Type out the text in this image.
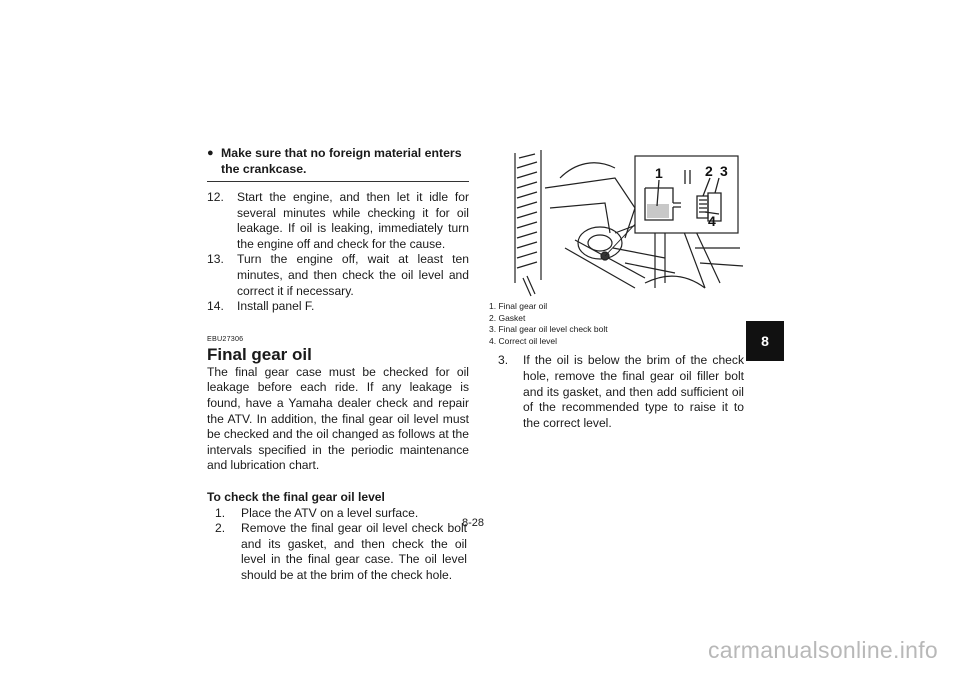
● Make sure that no foreign material enters the crankcase.
12. Start the engine, and then let it idle for several minutes while checking it for oil leakage. If oil is leaking, immediately turn the engine off and check for the cause.
13. Turn the engine off, wait at least ten minutes, and then check the oil level and correct it if necessary.
14. Install panel F.
EBU27306
Final gear oil
The final gear case must be checked for oil leakage before each ride. If any leakage is found, have a Yamaha dealer check and repair the ATV. In addition, the final gear oil level must be checked and the oil changed as follows at the intervals specified in the periodic maintenance and lubrication chart.
To check the final gear oil level
1. Place the ATV on a level surface.
2. Remove the final gear oil level check bolt and its gasket, and then check the oil level in the final gear case. The oil level should be at the brim of the check hole.
1	2 3
4
1. Final gear oil
2. Gasket
3. Final gear oil level check bolt
4. Correct oil level
3. If the oil is below the brim of the check hole, remove the final gear oil filler bolt and its gasket, and then add sufficient oil of the recommended type to raise it to the correct level.
8
8-28
carmanualsonline.info
